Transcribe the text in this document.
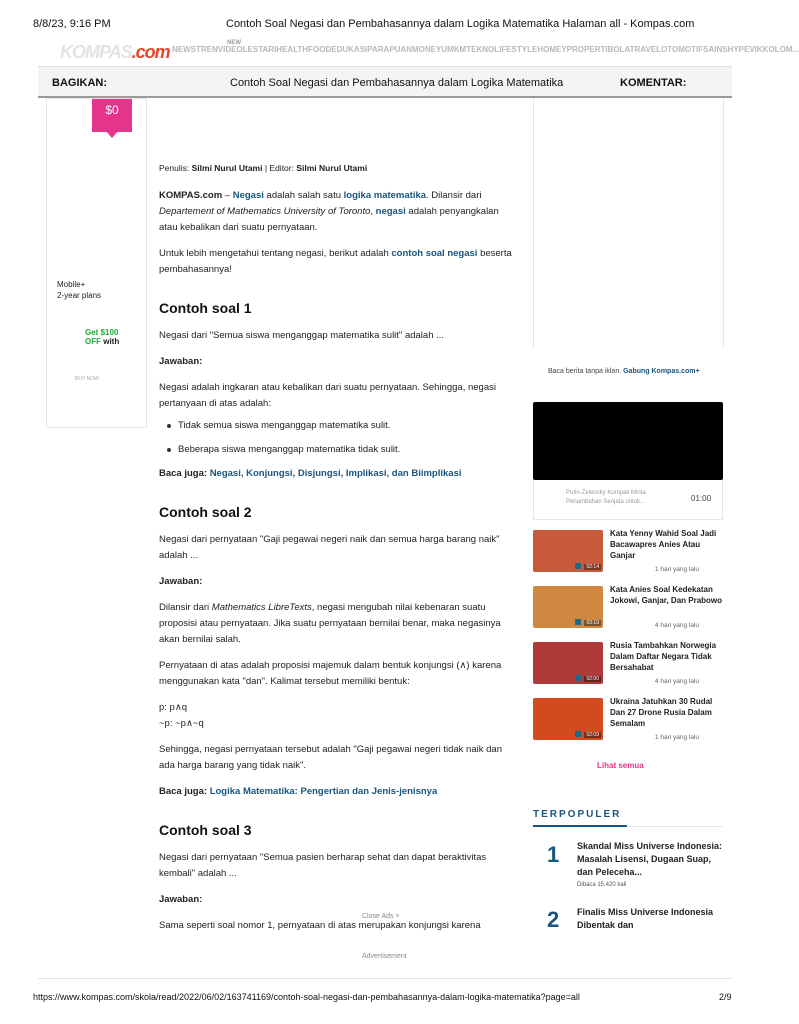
8/8/23, 9:16 PM	Contoh Soal Negasi dan Pembahasannya dalam Logika Matematika Halaman all - Kompas.com
KOMPAS.com	NEW
NEWSTRENVIDEOLESTARIHEALTHFOODEDUKASIPARAPUANMONEYUMKMTEKNOLIFESTYLEHOMEYPROPERTIBOLATRAVELOTOMOTIFSAINSHYPEVIKKOLOM...
BAGIKAN:	Contoh Soal Negasi dan Pembahasannya dalam Logika Matematika	KOMENTAR:
$0
Mobile+
2-year plans
Get $100
OFF with
BUY NOW

Penulis: Silmi Nurul Utami | Editor: Silmi Nurul Utami

KOMPAS.com – Negasi adalah salah satu logika matematika. Dilansir dari Departement of Mathematics University of Toronto, negasi adalah penyangkalan atau kebalikan dari suatu pernyataan.

Untuk lebih mengetahui tentang negasi, berikut adalah contoh soal negasi beserta pembahasannya!

Contoh soal 1

Negasi dari "Semua siswa menganggap matematika sulit" adalah ...

Jawaban:

Negasi adalah ingkaran atau kebalikan dari suatu pernyataan. Sehingga, negasi pertanyaan di atas adalah:

Tidak semua siswa menganggap matematika sulit.
Beberapa siswa menganggap matematika tidak sulit.

Baca juga: Negasi, Konjungsi, Disjungsi, Implikasi, dan Biimplikasi

Contoh soal 2

Negasi dari pernyataan "Gaji pegawai negeri naik dan semua harga barang naik" adalah ...

Jawaban:

Dilansir dari Mathematics LibreTexts, negasi mengubah nilai kebenaran suatu proposisi atau pernyataan. Jika suatu pernyataan bernilai benar, maka negasinya akan bernilai salah.

Pernyataan di atas adalah proposisi majemuk dalam bentuk konjungsi (∧) karena menggunakan kata "dan". Kalimat tersebut memiliki bentuk:

p: p∧q
~p: ~p∧~q

Sehingga, negasi pernyataan tersebut adalah "Gaji pegawai negeri tidak naik dan ada harga barang yang tidak naik".

Baca juga: Logika Matematika: Pengertian dan Jenis-jenisnya

Contoh soal 3

Negasi dari pernyataan "Semua pasien berharap sehat dan dapat beraktivitas kembali" adalah ...

Jawaban:

Sama seperti soal nomor 1, pernyataan di atas merupakan konjungsi karena

Close Ads ×
Baca berita tanpa iklan. Gabung Kompas.com+
Putin-Zelensky Kompak Minta Penambahan Senjata untuk...	01:00
02:14
Kata Yenny Wahid Soal Jadi Bacawapres Anies Atau Ganjar
1 hari yang lalu
03:19
Kata Anies Soal Kedekatan Jokowi, Ganjar, Dan Prabowo
4 hari yang lalu
02:00
Rusia Tambahkan Norwegia Dalam Daftar Negara Tidak Bersahabat
4 hari yang lalu
02:09
Ukraina Jatuhkan 30 Rudal Dan 27 Drone Rusia Dalam Semalam
1 hari yang lalu
Lihat semua
TERPOPULER
1 Skandal Miss Universe Indonesia: Masalah Lisensi, Dugaan Suap, dan Peleceha...
Dibaca 15.420 kali
2 Finalis Miss Universe Indonesia Dibentak dan
Advertisement
https://www.kompas.com/skola/read/2022/06/02/163741169/contoh-soal-negasi-dan-pembahasannya-dalam-logika-matematika?page=all	2/9
